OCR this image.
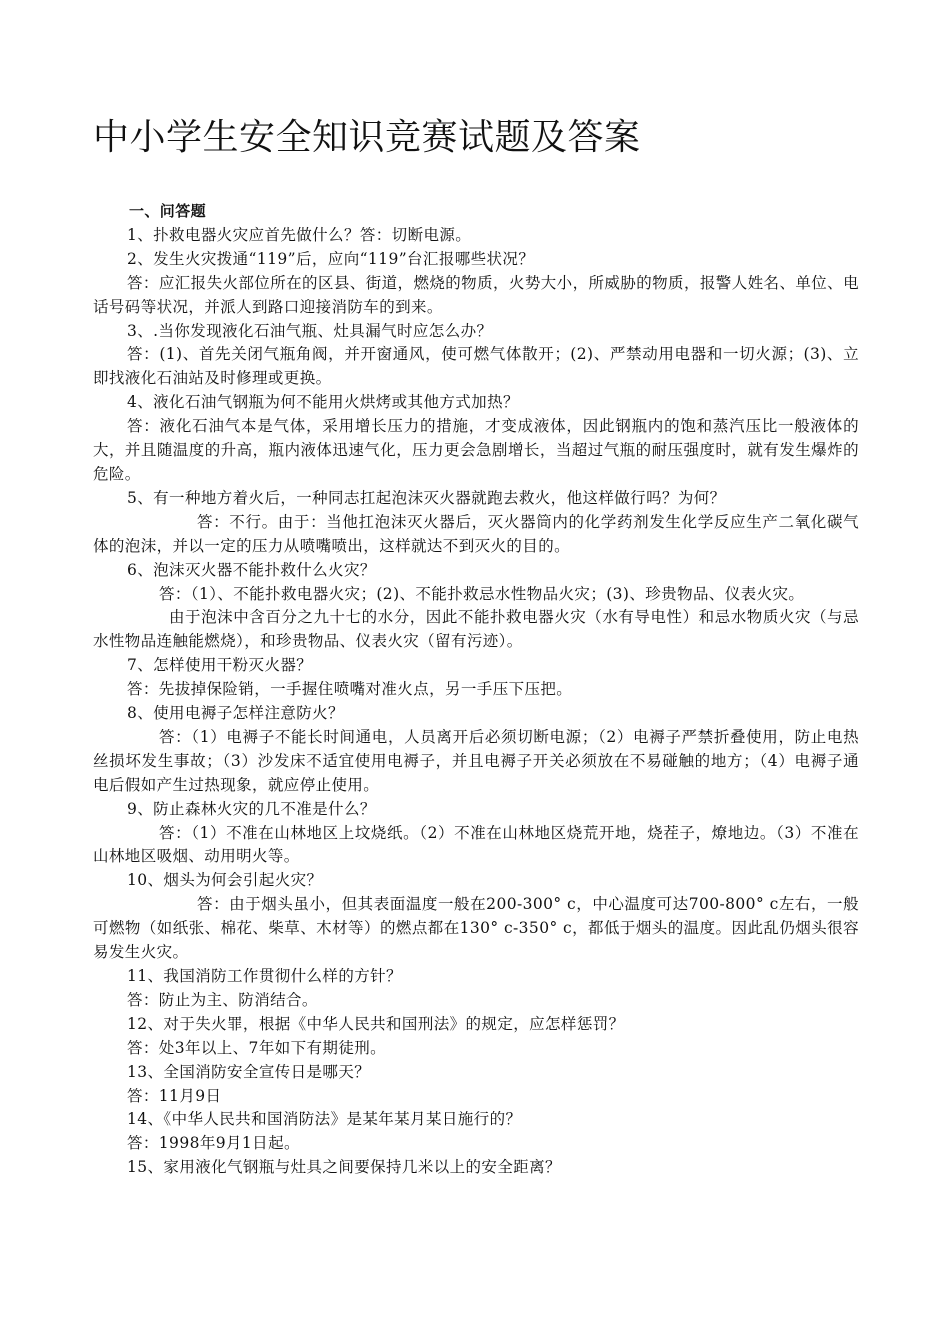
中小学生安全知识竞赛试题及答案

一、问答题

1、扑救电器火灾应首先做什么？答：切断电源。

2、发生火灾拨通“119”后，应向“119”台汇报哪些状况？

答：应汇报失火部位所在的区县、街道，燃烧的物质，火势大小，所威胁的物质，报警人姓名、单位、电话号码等状况，并派人到路口迎接消防车的到来。

3、.当你发现液化石油气瓶、灶具漏气时应怎么办？

答：(1)、首先关闭气瓶角阀，并开窗通风，使可燃气体散开；(2)、严禁动用电器和一切火源；(3)、立即找液化石油站及时修理或更换。

4、液化石油气钢瓶为何不能用火烘烤或其他方式加热？

答：液化石油气本是气体，采用增长压力的措施，才变成液体，因此钢瓶内的饱和蒸汽压比一般液体的大，并且随温度的升高，瓶内液体迅速气化，压力更会急剧增长，当超过气瓶的耐压强度时，就有发生爆炸的危险。

5、有一种地方着火后，一种同志扛起泡沫灭火器就跑去救火，他这样做行吗？为何？

答：不行。由于：当他扛泡沫灭火器后，灭火器筒内的化学药剂发生化学反应生产二氧化碳气体的泡沫，并以一定的压力从喷嘴喷出，这样就达不到灭火的目的。

6、泡沫灭火器不能扑救什么火灾？

答：（1）、不能扑救电器火灾；(2)、不能扑救忌水性物品火灾；(3)、珍贵物品、仪表火灾。

由于泡沫中含百分之九十七的水分，因此不能扑救电器火灾（水有导电性）和忌水物质火灾（与忌水性物品连触能燃烧），和珍贵物品、仪表火灾（留有污迹）。

7、怎样使用干粉灭火器？

答：先拔掉保险销，一手握住喷嘴对准火点，另一手压下压把。

8、使用电褥子怎样注意防火？

答：（1）电褥子不能长时间通电，人员离开后必须切断电源；（2）电褥子严禁折叠使用，防止电热丝损坏发生事故；（3）沙发床不适宜使用电褥子，并且电褥子开关必须放在不易碰触的地方；（4）电褥子通电后假如产生过热现象，就应停止使用。

9、防止森林火灾的几不准是什么？

答：（1）不准在山林地区上坟烧纸。（2）不准在山林地区烧荒开地，烧茬子，燎地边。（3）不准在山林地区吸烟、动用明火等。

10、烟头为何会引起火灾？

答：由于烟头虽小，但其表面温度一般在200-300° c，中心温度可达700-800° c左右，一般可燃物（如纸张、棉花、柴草、木材等）的燃点都在130° c-350° c，都低于烟头的温度。因此乱仍烟头很容易发生火灾。

11、我国消防工作贯彻什么样的方针？

答：防止为主、防消结合。

12、对于失火罪，根据《中华人民共和国刑法》的规定，应怎样惩罚？

答：处3年以上、7年如下有期徒刑。

13、全国消防安全宣传日是哪天？

答：11月9日

14、《中华人民共和国消防法》是某年某月某日施行的？

答：1998年9月1日起。

15、家用液化气钢瓶与灶具之间要保持几米以上的安全距离？
